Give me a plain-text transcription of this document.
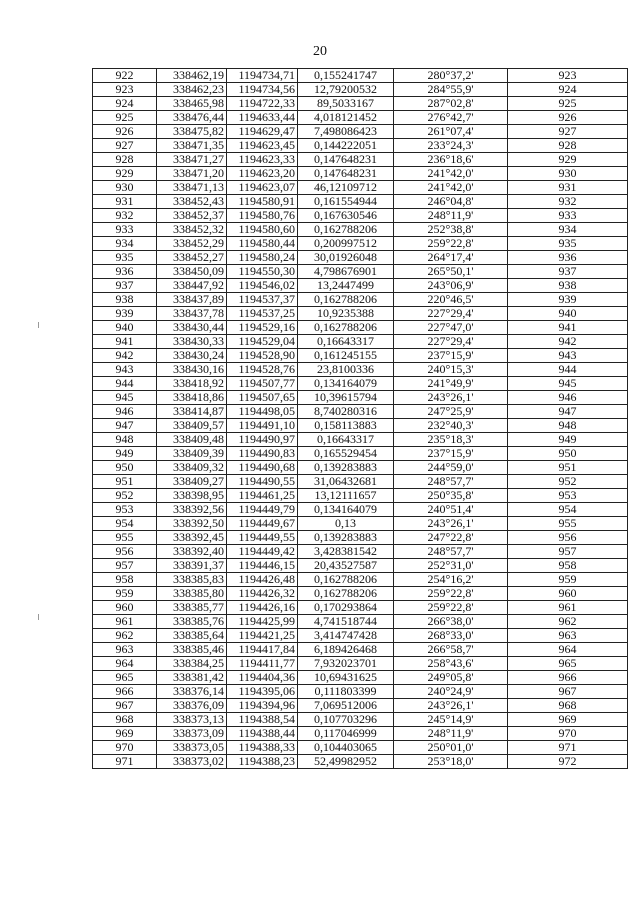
20
922	338462,19	1194734,71	0,155241747	280°37,2'	923
923	338462,23	1194734,56	12,79200532	284°55,9'	924
924	338465,98	1194722,33	89,5033167	287°02,8'	925
925	338476,44	1194633,44	4,018121452	276°42,7'	926
926	338475,82	1194629,47	7,498086423	261°07,4'	927
927	338471,35	1194623,45	0,144222051	233°24,3'	928
928	338471,27	1194623,33	0,147648231	236°18,6'	929
929	338471,20	1194623,20	0,147648231	241°42,0'	930
930	338471,13	1194623,07	46,12109712	241°42,0'	931
931	338452,43	1194580,91	0,161554944	246°04,8'	932
932	338452,37	1194580,76	0,167630546	248°11,9'	933
933	338452,32	1194580,60	0,162788206	252°38,8'	934
934	338452,29	1194580,44	0,200997512	259°22,8'	935
935	338452,27	1194580,24	30,01926048	264°17,4'	936
936	338450,09	1194550,30	4,798676901	265°50,1'	937
937	338447,92	1194546,02	13,2447499	243°06,9'	938
938	338437,89	1194537,37	0,162788206	220°46,5'	939
939	338437,78	1194537,25	10,9235388	227°29,4'	940
940	338430,44	1194529,16	0,162788206	227°47,0'	941
941	338430,33	1194529,04	0,16643317	227°29,4'	942
942	338430,24	1194528,90	0,161245155	237°15,9'	943
943	338430,16	1194528,76	23,8100336	240°15,3'	944
944	338418,92	1194507,77	0,134164079	241°49,9'	945
945	338418,86	1194507,65	10,39615794	243°26,1'	946
946	338414,87	1194498,05	8,740280316	247°25,9'	947
947	338409,57	1194491,10	0,158113883	232°40,3'	948
948	338409,48	1194490,97	0,16643317	235°18,3'	949
949	338409,39	1194490,83	0,165529454	237°15,9'	950
950	338409,32	1194490,68	0,139283883	244°59,0'	951
951	338409,27	1194490,55	31,06432681	248°57,7'	952
952	338398,95	1194461,25	13,12111657	250°35,8'	953
953	338392,56	1194449,79	0,134164079	240°51,4'	954
954	338392,50	1194449,67	0,13	243°26,1'	955
955	338392,45	1194449,55	0,139283883	247°22,8'	956
956	338392,40	1194449,42	3,428381542	248°57,7'	957
957	338391,37	1194446,15	20,43527587	252°31,0'	958
958	338385,83	1194426,48	0,162788206	254°16,2'	959
959	338385,80	1194426,32	0,162788206	259°22,8'	960
960	338385,77	1194426,16	0,170293864	259°22,8'	961
961	338385,76	1194425,99	4,741518744	266°38,0'	962
962	338385,64	1194421,25	3,414747428	268°33,0'	963
963	338385,46	1194417,84	6,189426468	266°58,7'	964
964	338384,25	1194411,77	7,932023701	258°43,6'	965
965	338381,42	1194404,36	10,69431625	249°05,8'	966
966	338376,14	1194395,06	0,111803399	240°24,9'	967
967	338376,09	1194394,96	7,069512006	243°26,1'	968
968	338373,13	1194388,54	0,107703296	245°14,9'	969
969	338373,09	1194388,44	0,117046999	248°11,9'	970
970	338373,05	1194388,33	0,104403065	250°01,0'	971
971	338373,02	1194388,23	52,49982952	253°18,0'	972
